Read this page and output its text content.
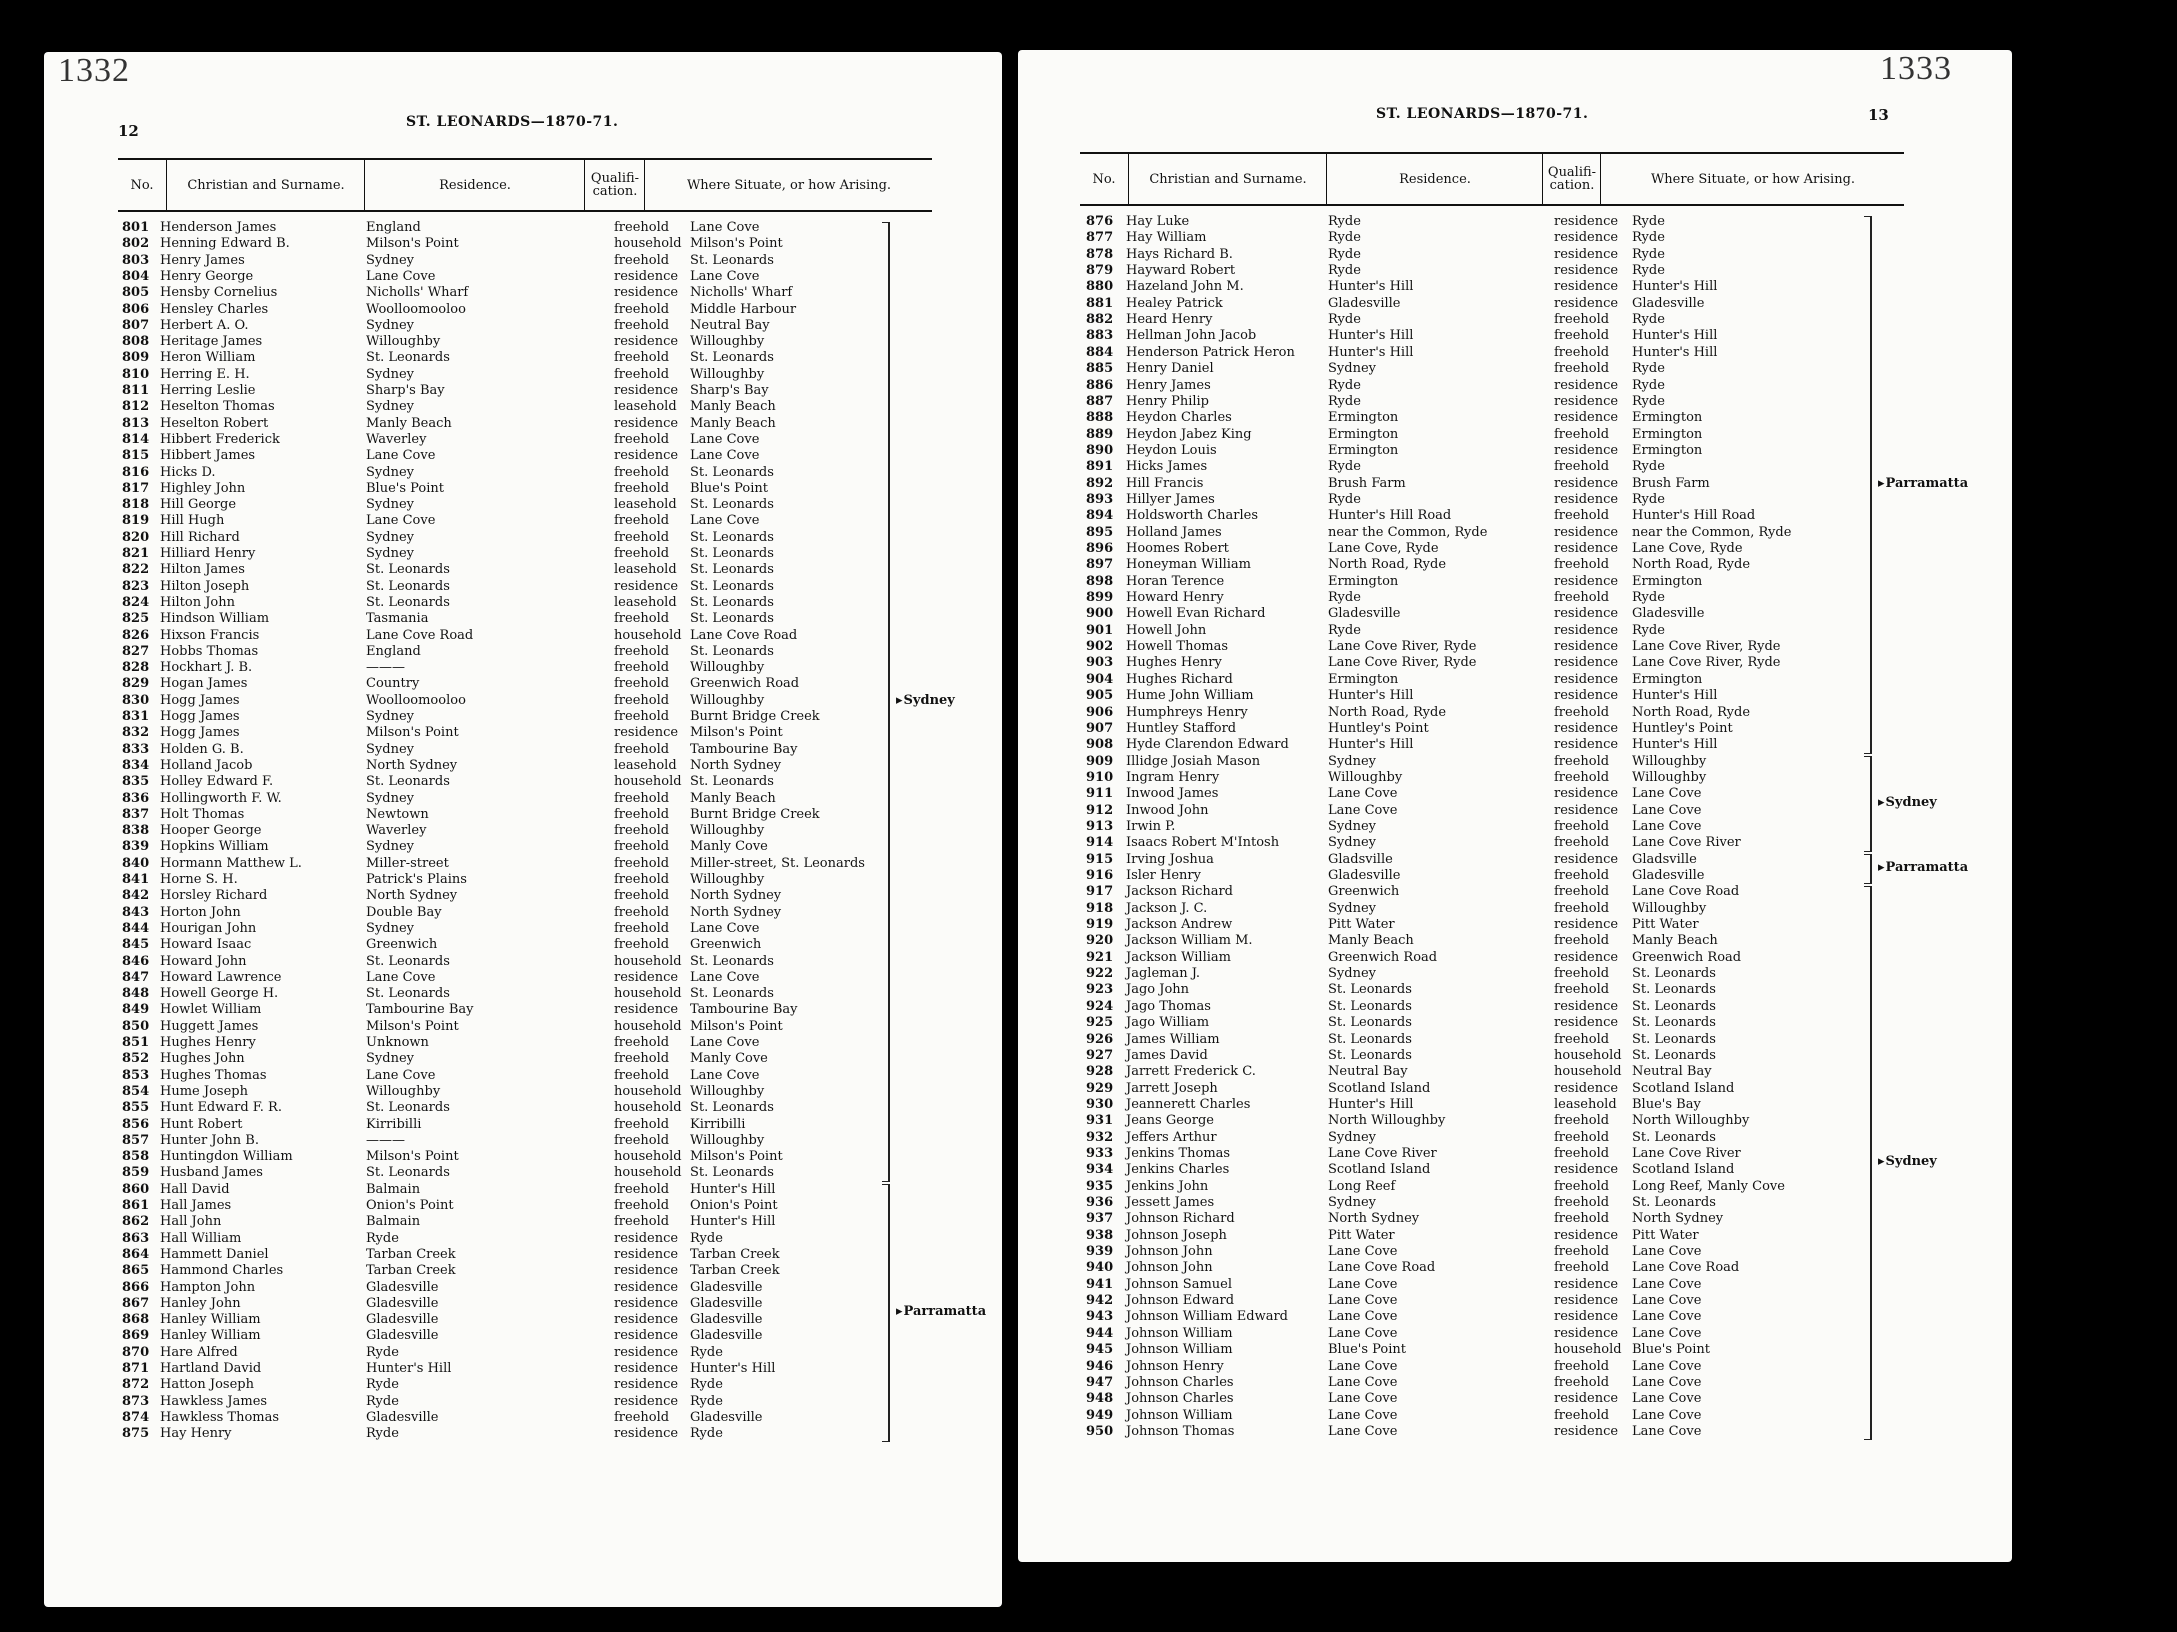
1332
12	ST. LEONARDS—1870-71.
No.	Christian and Surname.	Residence.	Qualifi-
cation.	Where Situate, or how Arising.
801 Henderson James	England	freehold Lane Cove
802 Henning Edward B.	Milson's Point	household Milson's Point
803 Henry James	Sydney	freehold St. Leonards
804 Henry George	Lane Cove	residence Lane Cove
805 Hensby Cornelius	Nicholls' Wharf	residence Nicholls' Wharf
806 Hensley Charles	Woolloomooloo	freehold Middle Harbour
807 Herbert A. O.	Sydney	freehold Neutral Bay
808 Heritage James	Willoughby	residence Willoughby
809 Heron William	St. Leonards	freehold St. Leonards
810 Herring E. H.	Sydney	freehold Willoughby
811 Herring Leslie	Sharp's Bay	residence Sharp's Bay
812 Heselton Thomas	Sydney	leasehold Manly Beach
813 Heselton Robert	Manly Beach	residence Manly Beach
814 Hibbert Frederick	Waverley	freehold Lane Cove
815 Hibbert James	Lane Cove	residence Lane Cove
816 Hicks D.	Sydney	freehold St. Leonards
817 Highley John	Blue's Point	freehold Blue's Point
818 Hill George	Sydney	leasehold St. Leonards
819 Hill Hugh	Lane Cove	freehold Lane Cove
820 Hill Richard	Sydney	freehold St. Leonards
821 Hilliard Henry	Sydney	freehold St. Leonards
822 Hilton James	St. Leonards	leasehold St. Leonards
823 Hilton Joseph	St. Leonards	residence St. Leonards
824 Hilton John	St. Leonards	leasehold St. Leonards
825 Hindson William	Tasmania	freehold St. Leonards
826 Hixson Francis	Lane Cove Road	household Lane Cove Road
827 Hobbs Thomas	England	freehold St. Leonards
828 Hockhart J. B.	———	freehold Willoughby
829 Hogan James	Country	freehold Greenwich Road
830 Hogg James	Woolloomooloo	freehold Willoughby
831 Hogg James	Sydney	freehold Burnt Bridge Creek
832 Hogg James	Milson's Point	residence Milson's Point
833 Holden G. B.	Sydney	freehold Tambourine Bay
834 Holland Jacob	North Sydney	leasehold North Sydney
835 Holley Edward F.	St. Leonards	household St. Leonards
836 Hollingworth F. W.	Sydney	freehold Manly Beach
837 Holt Thomas	Newtown	freehold Burnt Bridge Creek
838 Hooper George	Waverley	freehold Willoughby
839 Hopkins William	Sydney	freehold Manly Cove
840 Hormann Matthew L.	Miller-street	freehold Miller-street, St. Leonards
841 Horne S. H.	Patrick's Plains	freehold Willoughby
842 Horsley Richard	North Sydney	freehold North Sydney
843 Horton John	Double Bay	freehold North Sydney
844 Hourigan John	Sydney	freehold Lane Cove
845 Howard Isaac	Greenwich	freehold Greenwich
846 Howard John	St. Leonards	household St. Leonards
847 Howard Lawrence	Lane Cove	residence Lane Cove
848 Howell George H.	St. Leonards	household St. Leonards
849 Howlet William	Tambourine Bay	residence Tambourine Bay
850 Huggett James	Milson's Point	household Milson's Point
851 Hughes Henry	Unknown	freehold Lane Cove
852 Hughes John	Sydney	freehold Manly Cove
853 Hughes Thomas	Lane Cove	freehold Lane Cove
854 Hume Joseph	Willoughby	household Willoughby
855 Hunt Edward F. R.	St. Leonards	household St. Leonards
856 Hunt Robert	Kirribilli	freehold Kirribilli
857 Hunter John B.	———	freehold Willoughby
858 Huntingdon William	Milson's Point	household Milson's Point
859 Husband James	St. Leonards	household St. Leonards
860 Hall David	Balmain	freehold Hunter's Hill
861 Hall James	Onion's Point	freehold Onion's Point
862 Hall John	Balmain	freehold Hunter's Hill
863 Hall William	Ryde	residence Ryde
864 Hammett Daniel	Tarban Creek	residence Tarban Creek
865 Hammond Charles	Tarban Creek	residence Tarban Creek
866 Hampton John	Gladesville	residence Gladesville
867 Hanley John	Gladesville	residence Gladesville
868 Hanley William	Gladesville	residence Gladesville
869 Hanley William	Gladesville	residence Gladesville
870 Hare Alfred	Ryde	residence Ryde
871 Hartland David	Hunter's Hill	residence Hunter's Hill
872 Hatton Joseph	Ryde	residence Ryde
873 Hawkless James	Ryde	residence Ryde
874 Hawkless Thomas	Gladesville	freehold Gladesville
875 Hay Henry	Ryde	residence Ryde
▸ Sydney
▸ Parramatta
1333
13
ST. LEONARDS—1870-71.
No.	Christian and Surname.	Residence.	Qualifi-
cation.	Where Situate, or how Arising.
876 Hay Luke	Ryde	residence Ryde
877 Hay William	Ryde	residence Ryde
878 Hays Richard B.	Ryde	residence Ryde
879 Hayward Robert	Ryde	residence Ryde
880 Hazeland John M.	Hunter's Hill	residence Hunter's Hill
881 Healey Patrick	Gladesville	residence Gladesville
882 Heard Henry	Ryde	freehold Ryde
883 Hellman John Jacob	Hunter's Hill	freehold Hunter's Hill
884 Henderson Patrick Heron	Hunter's Hill	freehold Hunter's Hill
885 Henry Daniel	Sydney	freehold Ryde
886 Henry James	Ryde	residence Ryde
887 Henry Philip	Ryde	residence Ryde
888 Heydon Charles	Ermington	residence Ermington
889 Heydon Jabez King	Ermington	freehold Ermington
890 Heydon Louis	Ermington	residence Ermington
891 Hicks James	Ryde	freehold Ryde
892 Hill Francis	Brush Farm	residence Brush Farm
893 Hillyer James	Ryde	residence Ryde
894 Holdsworth Charles	Hunter's Hill Road	freehold Hunter's Hill Road
895 Holland James	near the Common, Ryde	residence near the Common, Ryde
896 Hoomes Robert	Lane Cove, Ryde	residence Lane Cove, Ryde
897 Honeyman William	North Road, Ryde	freehold North Road, Ryde
898 Horan Terence	Ermington	residence Ermington
899 Howard Henry	Ryde	freehold Ryde
900 Howell Evan Richard	Gladesville	residence Gladesville
901 Howell John	Ryde	residence Ryde
902 Howell Thomas	Lane Cove River, Ryde	residence Lane Cove River, Ryde
903 Hughes Henry	Lane Cove River, Ryde	residence Lane Cove River, Ryde
904 Hughes Richard	Ermington	residence Ermington
905 Hume John William	Hunter's Hill	residence Hunter's Hill
906 Humphreys Henry	North Road, Ryde	freehold North Road, Ryde
907 Huntley Stafford	Huntley's Point	residence Huntley's Point
908 Hyde Clarendon Edward	Hunter's Hill	residence Hunter's Hill
909 Illidge Josiah Mason	Sydney	freehold Willoughby
910 Ingram Henry	Willoughby	freehold Willoughby
911 Inwood James	Lane Cove	residence Lane Cove
912 Inwood John	Lane Cove	residence Lane Cove
913 Irwin P.	Sydney	freehold Lane Cove
914 Isaacs Robert M'Intosh	Sydney	freehold Lane Cove River
915 Irving Joshua	Gladsville	residence Gladsville
916 Isler Henry	Gladesville	freehold Gladesville
917 Jackson Richard	Greenwich	freehold Lane Cove Road
918 Jackson J. C.	Sydney	freehold Willoughby
919 Jackson Andrew	Pitt Water	residence Pitt Water
920 Jackson William M.	Manly Beach	freehold Manly Beach
921 Jackson William	Greenwich Road	residence Greenwich Road
922 Jagleman J.	Sydney	freehold St. Leonards
923 Jago John	St. Leonards	freehold St. Leonards
924 Jago Thomas	St. Leonards	residence St. Leonards
925 Jago William	St. Leonards	residence St. Leonards
926 James William	St. Leonards	freehold St. Leonards
927 James David	St. Leonards	household St. Leonards
928 Jarrett Frederick C.	Neutral Bay	household Neutral Bay
929 Jarrett Joseph	Scotland Island	residence Scotland Island
930 Jeannerett Charles	Hunter's Hill	leasehold Blue's Bay
931 Jeans George	North Willoughby	freehold North Willoughby
932 Jeffers Arthur	Sydney	freehold St. Leonards
933 Jenkins Thomas	Lane Cove River	freehold Lane Cove River
934 Jenkins Charles	Scotland Island	residence Scotland Island
935 Jenkins John	Long Reef	freehold Long Reef, Manly Cove
936 Jessett James	Sydney	freehold St. Leonards
937 Johnson Richard	North Sydney	freehold North Sydney
938 Johnson Joseph	Pitt Water	residence Pitt Water
939 Johnson John	Lane Cove	freehold Lane Cove
940 Johnson John	Lane Cove Road	freehold Lane Cove Road
941 Johnson Samuel	Lane Cove	residence Lane Cove
942 Johnson Edward	Lane Cove	residence Lane Cove
943 Johnson William Edward	Lane Cove	residence Lane Cove
944 Johnson William	Lane Cove	residence Lane Cove
945 Johnson William	Blue's Point	household Blue's Point
946 Johnson Henry	Lane Cove	freehold Lane Cove
947 Johnson Charles	Lane Cove	freehold Lane Cove
948 Johnson Charles	Lane Cove	residence Lane Cove
949 Johnson William	Lane Cove	freehold Lane Cove
950 Johnson Thomas	Lane Cove	residence Lane Cove
▸ Parramatta
▸ Sydney
▸ Parramatta
▸ Sydney
